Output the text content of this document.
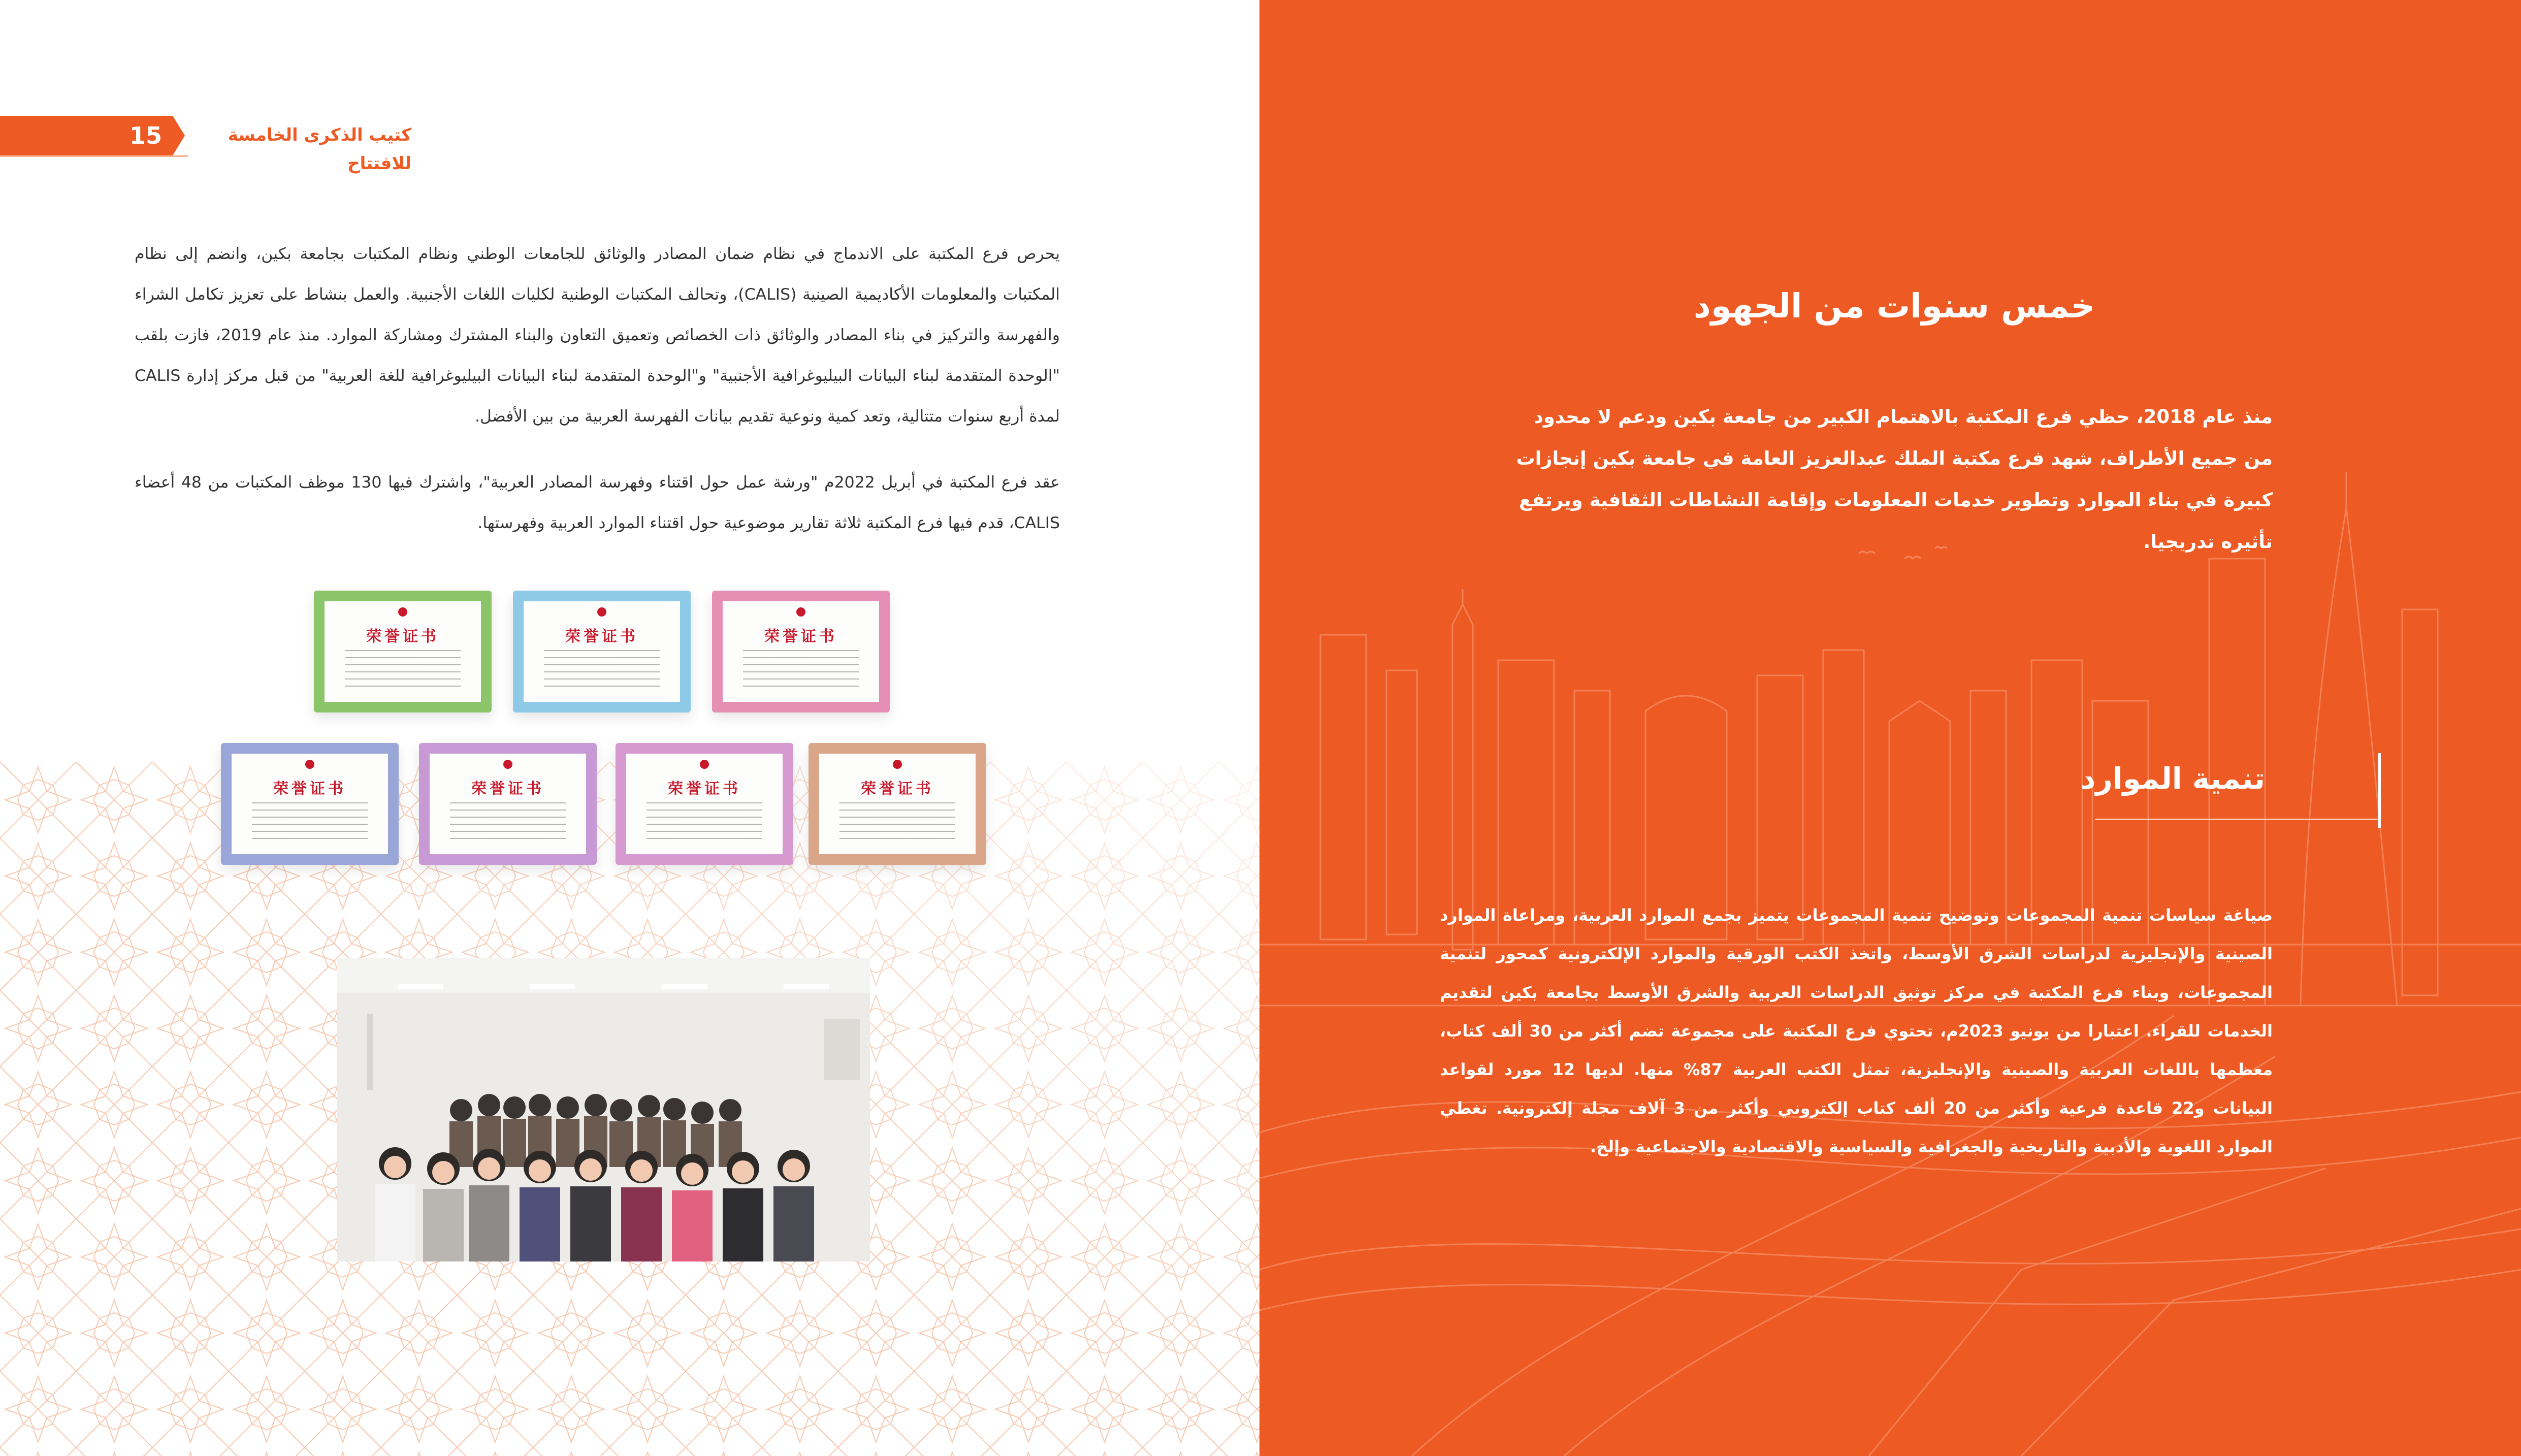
15	كتيب الذكرى الخامسة للافتتاح

يحرص فرع المكتبة على الاندماج في نظام ضمان المصادر والوثائق للجامعات الوطني ونظام المكتبات بجامعة بكين، وانضم إلى نظام المكتبات والمعلومات الأكاديمية الصينية (CALIS)، وتحالف المكتبات الوطنية لكليات اللغات الأجنبية. والعمل بنشاط على تعزيز تكامل الشراء والفهرسة والتركيز في بناء المصادر والوثائق ذات الخصائص وتعميق التعاون والبناء المشترك ومشاركة الموارد. منذ عام 2019، فازت بلقب "الوحدة المتقدمة لبناء البيانات البيليوغرافية الأجنبية" و"الوحدة المتقدمة لبناء البيانات البيليوغرافية للغة العربية" من قبل مركز إدارة CALIS لمدة أربع سنوات متتالية، وتعد كمية ونوعية تقديم بيانات الفهرسة العربية من بين الأفضل.

عقد فرع المكتبة في أبريل 2022م "ورشة عمل حول اقتناء وفهرسة المصادر العربية"، واشترك فيها 130 موظف المكتبات من 48 أعضاء CALIS، قدم فيها فرع المكتبة ثلاثة تقارير موضوعية حول اقتناء الموارد العربية وفهرستها.

荣誉证书	荣誉证书	荣誉证书
荣誉证书	荣誉证书	荣誉证书	荣誉证书
خمس سنوات من الجهود

منذ عام 2018، حظي فرع المكتبة بالاهتمام الكبير من جامعة بكين ودعم لا محدود من جميع الأطراف، شهد فرع مكتبة الملك عبدالعزيز العامة في جامعة بكين إنجازات كبيرة في بناء الموارد وتطوير خدمات المعلومات وإقامة النشاطات الثقافية ويرتفع تأثيره تدريجيا.

تنمية الموارد

صياغة سياسات تنمية المجموعات وتوضيح تنمية المجموعات يتميز بجمع الموارد العربية، ومراعاة الموارد الصينية والإنجليزية لدراسات الشرق الأوسط، واتخذ الكتب الورقية والموارد الإلكترونية كمحور لتنمية المجموعات، وبناء فرع المكتبة في مركز توثيق الدراسات العربية والشرق الأوسط بجامعة بكين لتقديم الخدمات للقراء. اعتبارا من يونيو 2023م، تحتوي فرع المكتبة على مجموعة تضم أكثر من 30 ألف كتاب، معظمها باللغات العربية والصينية والإنجليزية، تمثل الكتب العربية 87% منها. لديها 12 مورد لقواعد البيانات و22 قاعدة فرعية وأكثر من 20 ألف كتاب إلكتروني وأكثر من 3 آلاف مجلة إلكترونية. تغطي الموارد اللغوية والأدبية والتاريخية والجغرافية والسياسية والاقتصادية والاجتماعية وإلخ.
